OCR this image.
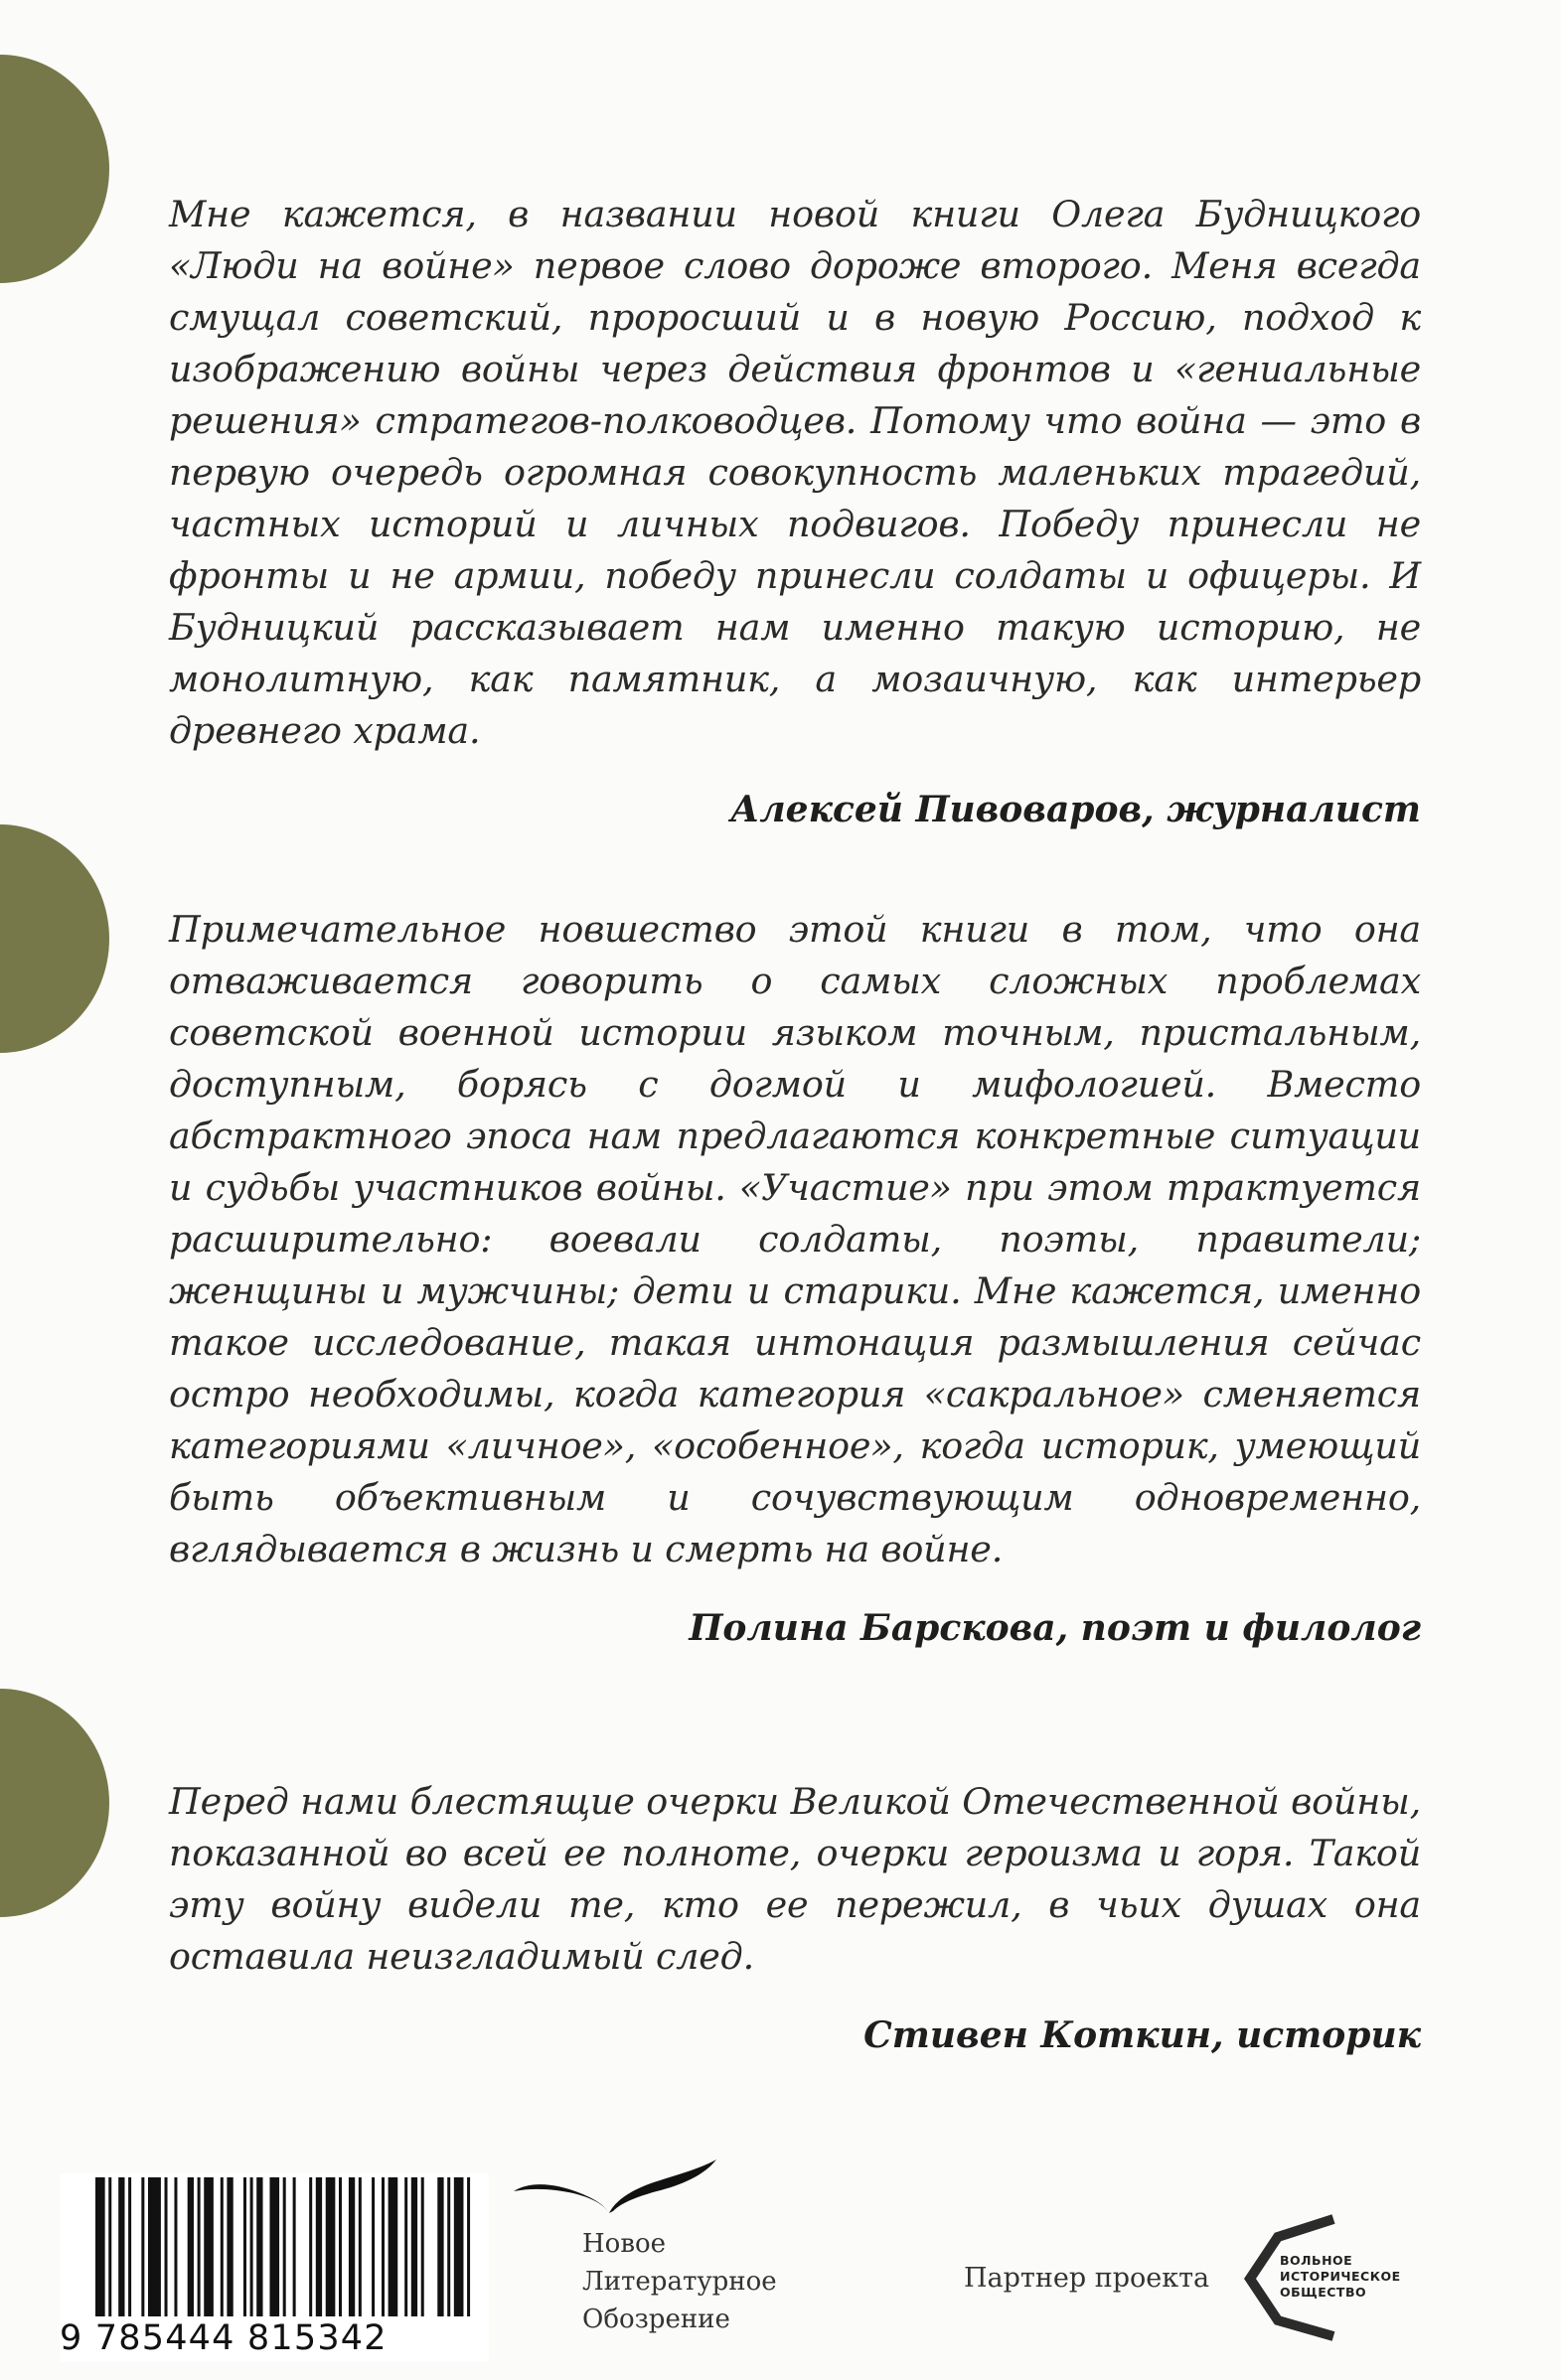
Мне кажется, в названии новой книги Олега Будницкого «Люди на войне» первое слово дороже второго. Меня всегда смущал советский, проросший и в новую Россию, подход к изображению войны через действия фронтов и «гениальные решения» стратегов-полководцев. Потому что война — это в первую очередь огромная совокупность маленьких трагедий, частных историй и личных подвигов. Победу принесли не фронты и не армии, победу принесли солдаты и офицеры. И Будницкий рассказывает нам именно такую историю, не монолитную, как памятник, а мозаичную, как интерьер древнего храма.

Алексей Пивоваров, журналист

Примечательное новшество этой книги в том, что она отваживается говорить о самых сложных проблемах советской военной истории языком точным, пристальным, доступным, борясь с догмой и мифологией. Вместо абстрактного эпоса нам предлагаются конкретные ситуации и судьбы участников войны. «Участие» при этом трактуется расширительно: воевали солдаты, поэты, правители; женщины и мужчины; дети и старики. Мне кажется, именно такое исследование, такая интонация размышления сейчас остро необходимы, когда категория «сакральное» сменяется категориями «личное», «особенное», когда историк, умеющий быть объективным и сочувствующим одновременно, вглядывается в жизнь и смерть на войне.

Полина Барскова, поэт и филолог

Перед нами блестящие очерки Великой Отечественной войны, показанной во всей ее полноте, очерки героизма и горя. Такой эту войну видели те, кто ее пережил, в чьих душах она оставила неизгладимый след.

Стивен Коткин, историк

9 785444 815342
Новое
Литературное
Обозрение
Партнер проекта
ВОЛЬНОЕ
ИСТОРИЧЕСКОЕ
ОБЩЕСТВО
